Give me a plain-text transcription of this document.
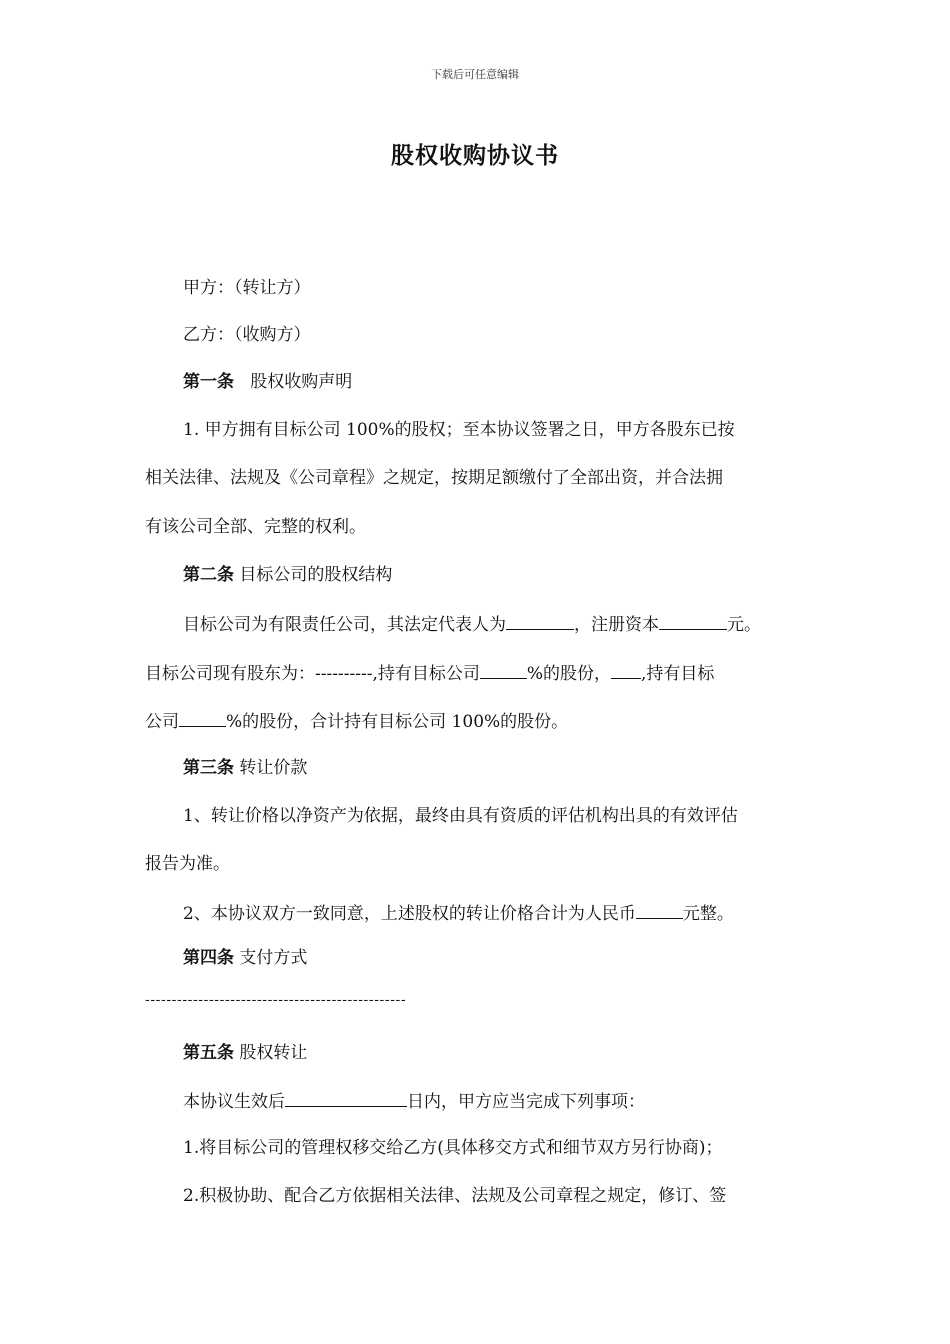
下载后可任意编辑
股权收购协议书
甲方：（转让方）
乙方：（收购方）
第一条 股权收购声明
1. 甲方拥有目标公司 100%的股权；至本协议签署之日，甲方各股东已按
相关法律、法规及《公司章程》之规定，按期足额缴付了全部出资，并合法拥
有该公司全部、完整的权利。
第二条 目标公司的股权结构
目标公司为有限责任公司，其法定代表人为	，注册资本	元。
目标公司现有股东为：----------,持有目标公司	%的股份， ,持有目标
公司	%的股份，合计持有目标公司 100%的股份。
第三条 转让价款
1、转让价格以净资产为依据，最终由具有资质的评估机构出具的有效评估
报告为准。
2、本协议双方一致同意，上述股权的转让价格合计为人民币	元整。
第四条 支付方式
-------------------------------------------------
第五条 股权转让
本协议生效后	日内，甲方应当完成下列事项：
1.将目标公司的管理权移交给乙方(具体移交方式和细节双方另行协商)；
2.积极协助、配合乙方依据相关法律、法规及公司章程之规定，修订、签
